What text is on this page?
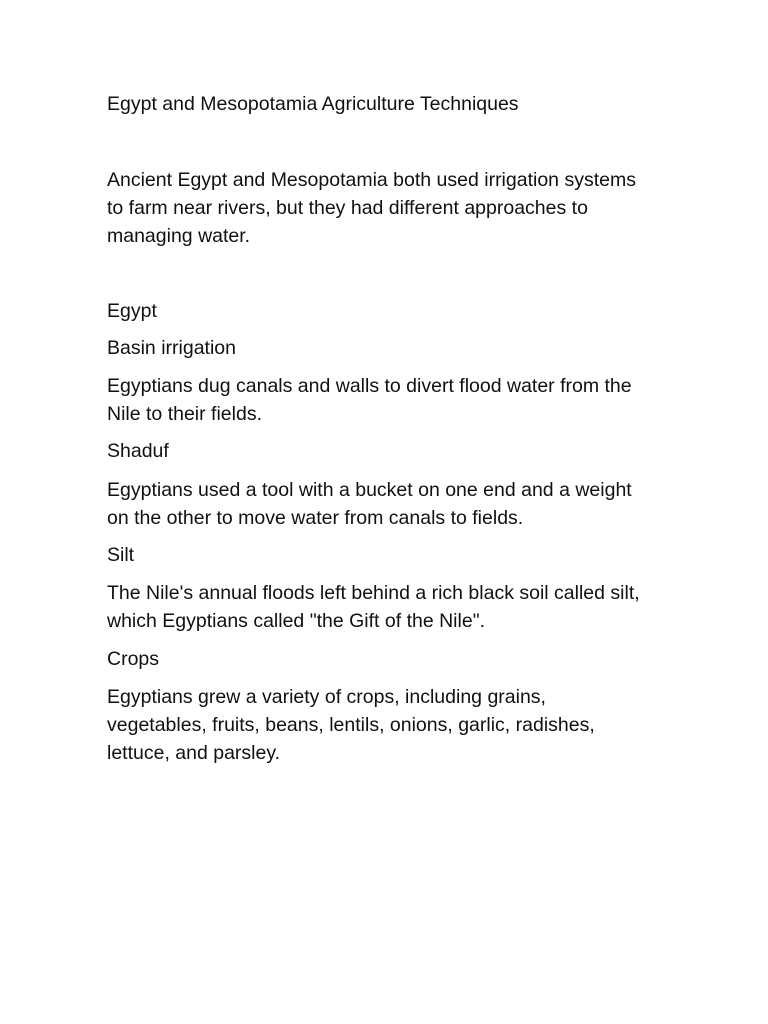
Egypt and Mesopotamia Agriculture Techniques

Ancient Egypt and Mesopotamia both used irrigation systems
to farm near rivers, but they had different approaches to
managing water.

Egypt

Basin irrigation

Egyptians dug canals and walls to divert flood water from the
Nile to their fields.

Shaduf

Egyptians used a tool with a bucket on one end and a weight
on the other to move water from canals to fields.

Silt

The Nile's annual floods left behind a rich black soil called silt,
which Egyptians called "the Gift of the Nile".

Crops

Egyptians grew a variety of crops, including grains,
vegetables, fruits, beans, lentils, onions, garlic, radishes,
lettuce, and parsley.
